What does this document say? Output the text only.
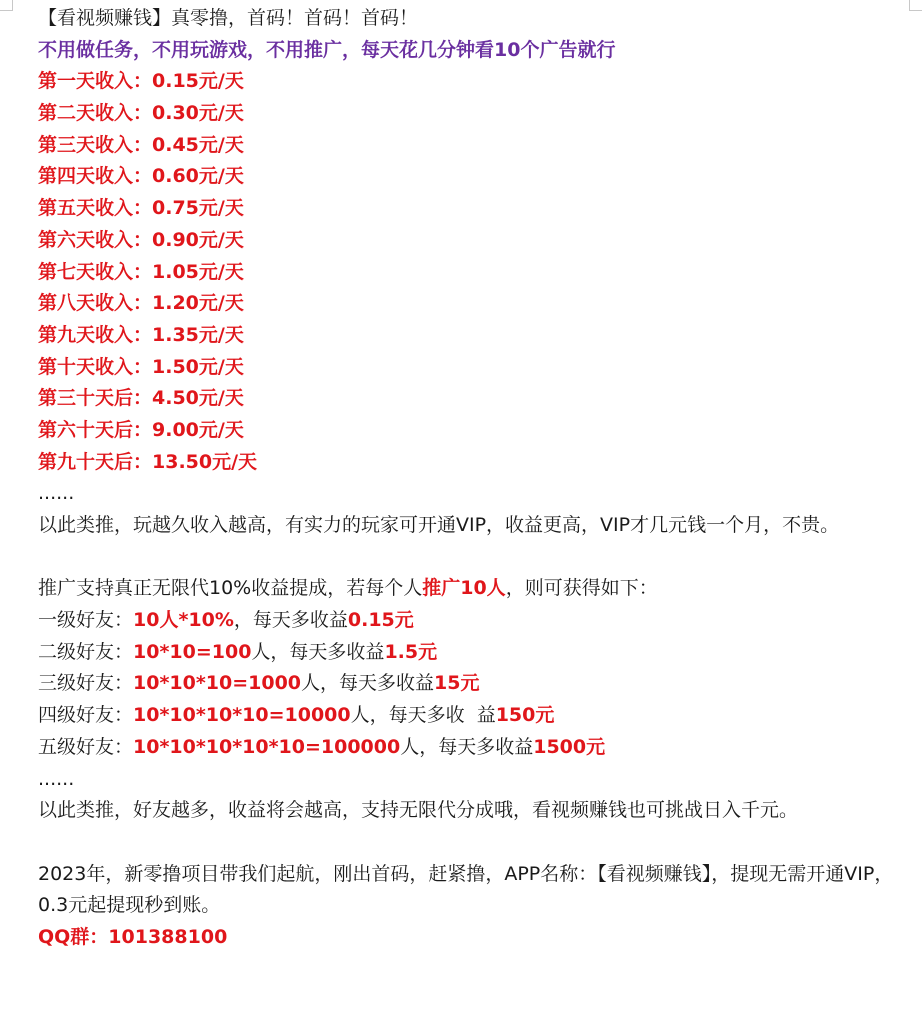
【看视频赚钱】真零撸，首码！首码！首码！
不用做任务，不用玩游戏，不用推广，每天花几分钟看10个广告就行
第一天收入：0.15元/天
第二天收入：0.30元/天
第三天收入：0.45元/天
第四天收入：0.60元/天
第五天收入：0.75元/天
第六天收入：0.90元/天
第七天收入：1.05元/天
第八天收入：1.20元/天
第九天收入：1.35元/天
第十天收入：1.50元/天
第三十天后：4.50元/天
第六十天后：9.00元/天
第九十天后：13.50元/天
......
以此类推，玩越久收入越高，有实力的玩家可开通VIP，收益更高，VIP才几元钱一个月，不贵。
推广支持真正无限代10%收益提成，若每个人推广10人，则可获得如下：
一级好友：10人*10%，每天多收益0.15元
二级好友：10*10=100人，每天多收益1.5元
三级好友：10*10*10=1000人，每天多收益15元
四级好友：10*10*10*10=10000人，每天多收  益150元
五级好友：10*10*10*10*10=100000人，每天多收益1500元
......
以此类推，好友越多，收益将会越高，支持无限代分成哦，看视频赚钱也可挑战日入千元。
2023年，新零撸项目带我们起航，刚出首码，赶紧撸，APP名称：【看视频赚钱】，提现无需开通VIP，0.3元起提现秒到账。
QQ群：101388100
